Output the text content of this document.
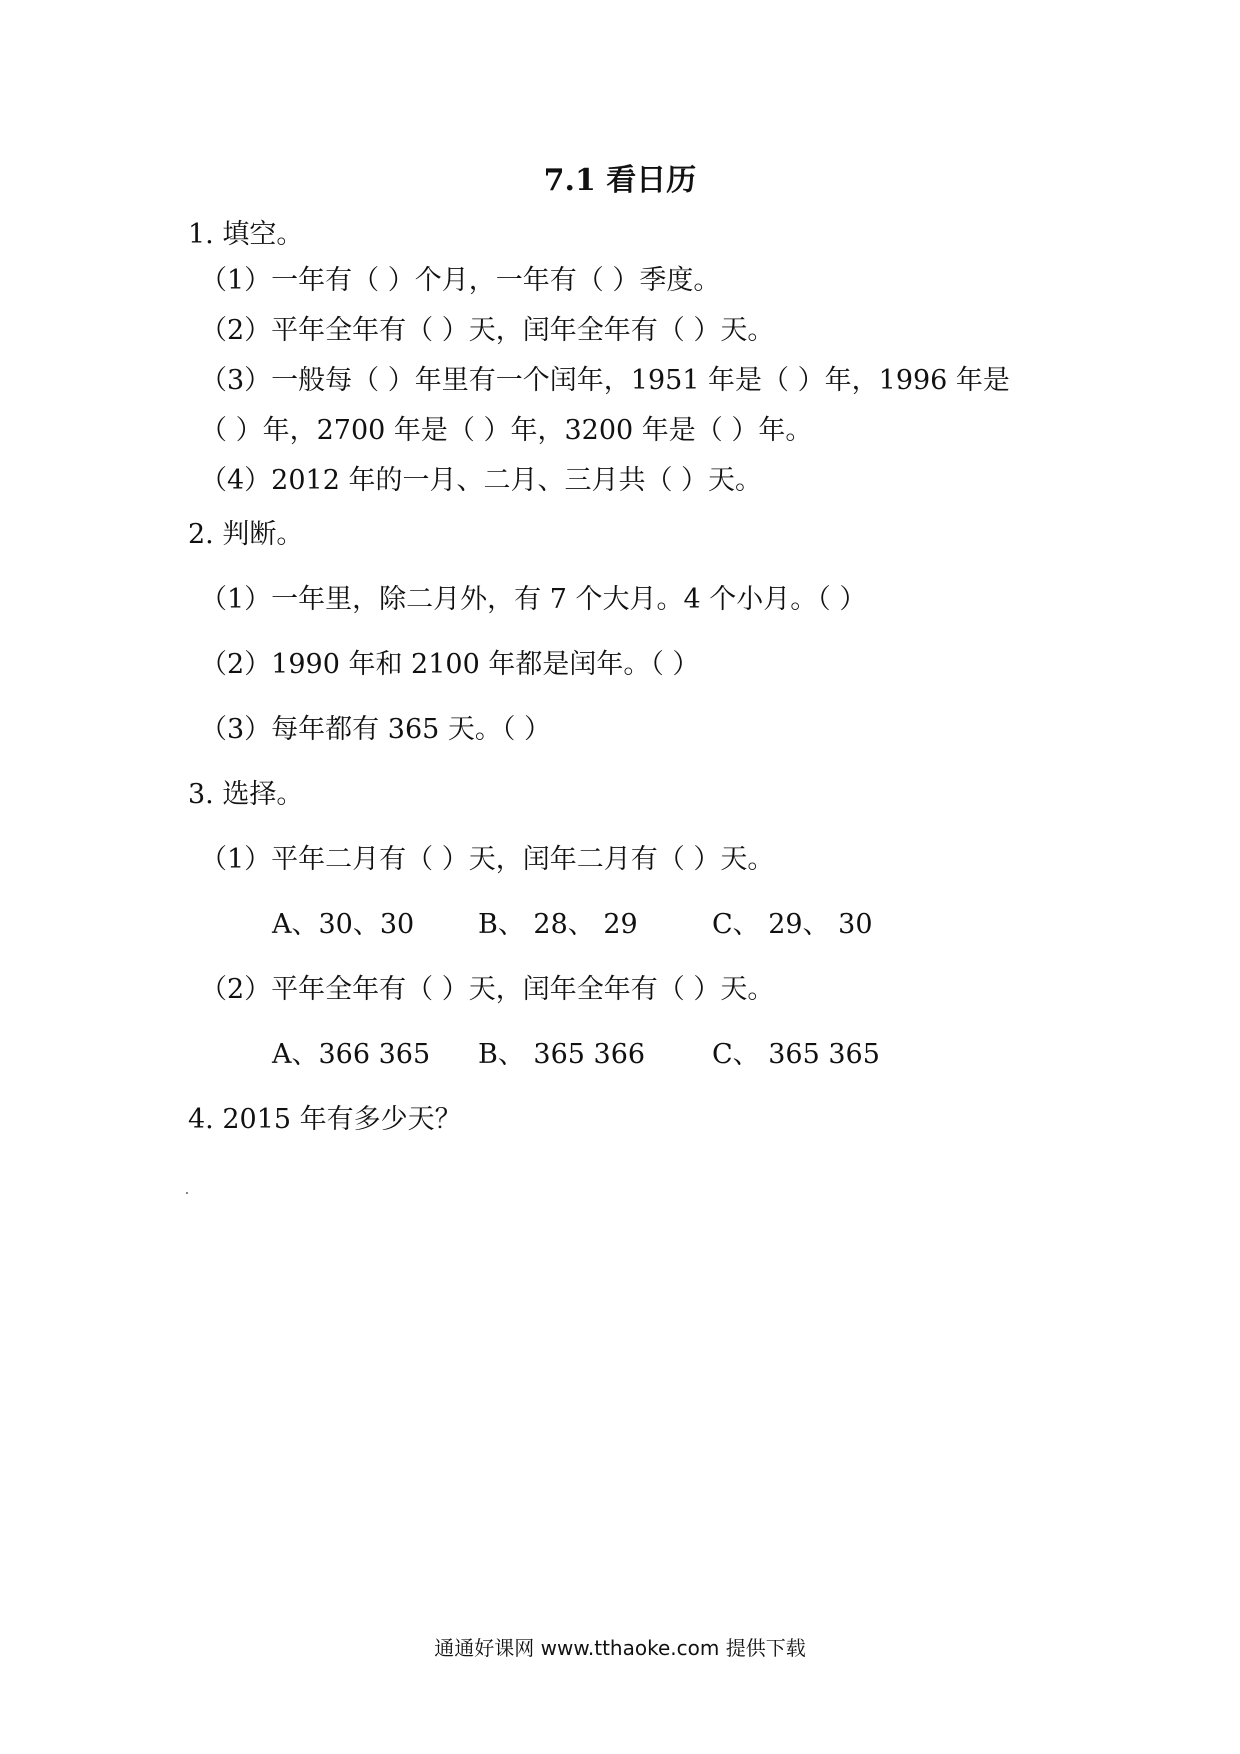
7.1 看日历
1. 填空。
（1）一年有（ ）个月，一年有（ ）季度。
（2）平年全年有（ ）天，闰年全年有（ ）天。
（3）一般每（ ）年里有一个闰年，1951 年是（ ）年，1996 年是
（ ）年，2700 年是（ ）年，3200 年是（ ）年。
（4）2012 年的一月、二月、三月共（ ）天。
2. 判断。
（1）一年里，除二月外，有 7 个大月。4 个小月。（ ）
（2）1990 年和 2100 年都是闰年。（ ）
（3）每年都有 365 天。（ ）
3. 选择。
（1）平年二月有（ ）天，闰年二月有（ ）天。
A、30、30 B、 28、 29	C、 29、 30
（2）平年全年有（ ）天，闰年全年有（ ）天。
A、366 365 B、 365 366 C、 365 365
4. 2015 年有多少天？
通通好课网 www.tthaoke.com 提供下载
